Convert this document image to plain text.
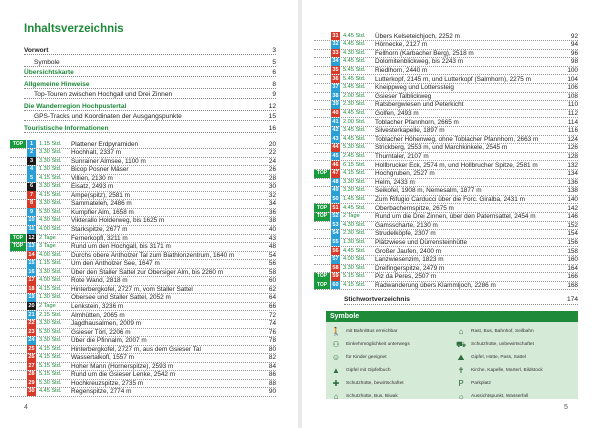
Inhaltsverzeichnis
Vorwort	3
Symbole	5
Übersichtskarte	6
Allgemeine Hinweise	8
Top-Touren zwischen Hochgall und Drei Zinnen	9
Die Wanderregion Hochpustertal	12
GPS-Tracks und Koordinaten der Ausgangspunkte	15
Touristische Informationen	16
TOP	1	1.15 Std.	Plattener Erdpyramiden	20
2	3.30 Std.	Hochhalt, 2337 m	22
3	3.30 Std.	Sunrainer Almsee, 1100 m	24
4	1.30 Std.	Bicop Posner Mäser	26
5	4.15 Std.	Villien, 2130 m	28
6	3.30 Std.	Eisatz, 2493 m	30
7	4.15 Std.	Ampe(spitz), 2581 m	32
8	3.30 Std.	Sammateleh, 2486 m	34
9	5.30 Std.	Kumpfler Alm, 1658 m	36
10 4.30 Std.	Vikterallo Holderweg, bis 1625 m	38
11 4.00 Std.	Starkspitze, 2677 m	40
TOP 12 2 Tage	Fernerkopfl, 3211 m	43
TOP 13 3 Tage	Rund um den Hochgall, bis 3171 m	48
14 4.00 Std.	Durchs obere Antholzer Tal zum Biathlonzentrum, 1640 m	54
15 1.15 Std.	Um den Antholzer See, 1647 m	56
16 3.30 Std.	Über den Staller Sattel zur Obersiger Alm, bis 2260 m	58
17 4.00 Std.	Rote Wand, 2818 m	60
18 4.15 Std.	Hinterbergkofel, 2727 m, vom Staller Sattel	62
19 1.30 Std.	Obersee und Staller Sattel, 2052 m	64
20 2 Tage	Lenkstein, 3236 m	66
21 2.15 Std.	Almhütten, 2065 m	72
22 3.30 Std.	Jagdhausalmen, 2009 m	74
23 5.30 Std.	Gsieser Törl, 2206 m	76
24 3.30 Std.	Über die Pfinnalm, 2007 m	78
25 4.15 Std.	Hinterbergkofel, 2727 m, aus dem Gsieser Tal	80
26 4.15 Std.	Wassertalkofl, 1557 m	82
27 5.15 Std.	Hoher Mann (Hornerspitze), 2593 m	84
28 5.15 Std.	Rund um die Gsieser Lenke, 2542 m	86
29 5.30 Std.	Hochkreuzspitze, 2735 m	88
30 4.45 Std.	Regenspitze, 2774 m	90
4
31 4.45 Std.	Übers Kelseteichjoch, 2252 m	92
32 4.45 Std.	Hörnecke, 2127 m	94
33 4.30 Std.	Fellhorn (Karbacher Berg), 2518 m	96
34 4.45 Std.	Dolomitenblickweg, bis 2243 m	98
35 5.45 Std.	Riedlhorn, 2440 m	100
36 5.45 Std.	Lutterkopf, 2145 m, und Lutterkopf (Salmhorn), 2275 m	104
37 3.45 Std.	Kneippweg und Lotterssteig	106
38 2.00 Std.	Gsieser Talblickweg	108
39 2.30 Std.	Ratsbergwiesen und Peterkicht	110
40 4.45 Std.	Golfen, 2493 m	112
41 2.00 Std.	Toblacher Pfannhorn, 2665 m	114
42 3.45 Std.	Silvesterkapelle, 1897 m	116
43 4.45 Std.	Toblacher Höhenweg, ohne Toblacher Pfannhorn, 2663 m	124
44 5.30 Std.	Strickberg, 2553 m, und Marchkinkele, 2545 m	126
45 2.45 Std.	Thurntaler, 2107 m	128
46 6.15 Std.	Hollbrucker Eck, 2574 m, und Hollbrucher Spitze, 2581 m	132
TOP 47 4.15 Std.	Hochgruben, 2527 m	134
48 3.30 Std.	Helm, 2433 m	136
49 3.30 Std.	Seikofel, 1908 m, Nemesalm, 1877 m	138
50 1.45 Std.	Zum Rifugio Carducci über die Forc. Giralba, 2431 m	140
TOP 51 4.45 Std.	Oberbachernspitze, 2675 m	142
TOP 52 2 Tage	Rund um die Drei Zinnen, über den Paternsattel, 2454 m	146
53 4.30 Std.	Gamsscharte, 2130 m	152
54 2.30 Std.	Strudelköpfe, 2307 m	154
55 1.30 Std.	Plätzwiese und Dürrensteinhütte	156
56 4.45 Std.	Großer Jaufen, 2400 m	158
57 4.00 Std.	Lanzwiesenzim, 1823 m	160
58 3.30 Std.	Dreifingerspitze, 2479 m	164
TOP 59 5.15 Std.	Piz da Peres, 2507 m	166
TOP 60 4.15 Std.	Radwanderung übers Klammljoch, 2286 m	168
Stichwortverzeichnis	174
Symbole
🚶 mit Bahn/Bus erreichbar	⌂	Rast, Bus, Bahnhof, Seilbahn
⚇	Einkehrmöglichkeit unterwegs	⛟ Schutzhütte, unbewirtschaftet
☺	für Kinder geeignet	⛰	Gipfel, Hütte, Pass, Sattel
▲	Gipfel mit Gipfelbuch	✝	Kirche, Kapelle, Marterl, Bildstock
✚	Schutzhütte, bewirtschaftet	P	Parkplatz
⌂	Schutzhütte, Bus, Biwak	☼	Aussichtspunkt, Wasserfall
5
